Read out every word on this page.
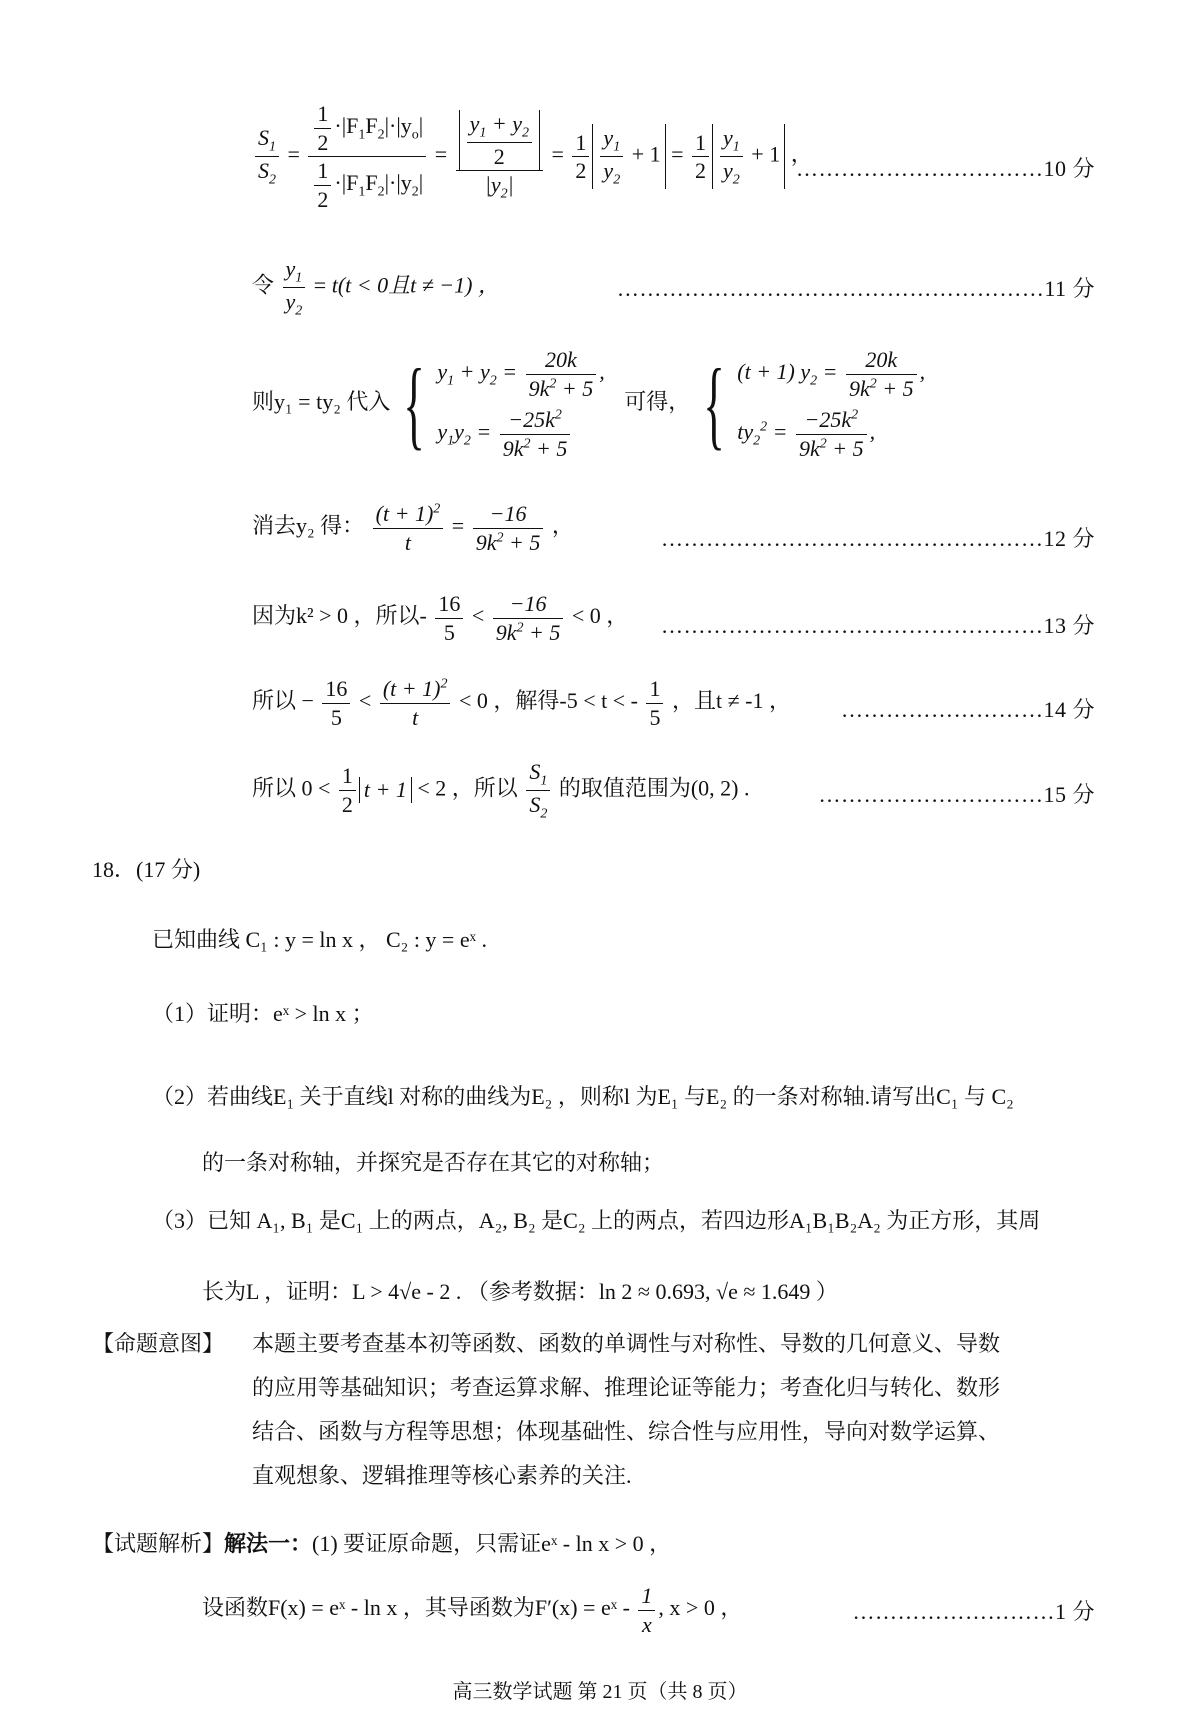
$\frac{S_1}{S_2} = \frac{\frac{1}{2} \cdot|F_1F_2|\cdot|y_o|}{\frac{1}{2} \cdot|F_1F_2|\cdot|y_2|} = \frac{\frac{y_1 + y_2}{2}}{|y_2|} = \frac{1}{2} \frac{y_1}{y_2} + 1 = \frac{1}{2} \frac{y_1}{y_2} + 1$ ，
……………………………10 分
令 $\frac{y_1}{y_2} = t(t < 0$且t ≠ −1) ，	…………………………………………………11 分
则y₁ = ty₂ 代入 { $y_1 + y_2 = \frac{20k}{9k^2 + 5}$ ,
$y_1y_2 = \frac{-25k^2}{9k^2 + 5}$
可得， { (t + 1) $y_2 = \frac{20k}{9k^2 + 5}$ ,
$ty_2^2 = \frac{-25k^2}{9k^2 + 5}$ ,
消去y₂ 得： $\frac{(t + 1)^2}{t} = \frac{-16}{9k^2 + 5}$ ，
……………………………………………12 分
因为k² > 0 ，所以- $\frac{16}{5} < \frac{-16}{9k^2 + 5} < 0$ ， ……………………………………………13 分
所以 − $\frac{16}{5} < \frac{(t + 1)^2}{t} < 0$ ，解得-5 < t < - $\frac{1}{5}$ ，且t ≠ -1 ， ………………………14 分
所以 $0 < \frac{1}{2}$ t + 1 < 2 ，所以 $\frac{S_1}{S_2}$ 的取值范围为(0, 2) .	…………………………15 分
18．(17 分)
已知曲线 C₁ : y = ln x ， C₂ : y = eˣ .
（1）证明：eˣ > ln x ；
（2）若曲线E₁ 关于直线l 对称的曲线为E₂ ，则称l 为E₁ 与E₂ 的一条对称轴.请写出C₁ 与 C₂
的一条对称轴，并探究是否存在其它的对称轴；
（3）已知 A₁, B₁ 是C₁ 上的两点，A₂, B₂ 是C₂ 上的两点，若四边形A₁B₁B₂A₂ 为正方形，其周
长为L ，证明：L > 4√e - 2 . （参考数据：ln 2 ≈ 0.693, √e ≈ 1.649 ）
【命题意图】 本题主要考查基本初等函数、函数的单调性与对称性、导数的几何意义、导数
的应用等基础知识；考查运算求解、推理论证等能力；考查化归与转化、数形
结合、函数与方程等思想；体现基础性、综合性与应用性，导向对数学运算、
直观想象、逻辑推理等核心素养的关注.
【试题解析】解法一：(1) 要证原命题，只需证eˣ - ln x > 0 ，
设函数F(x) = eˣ - ln x ，其导函数为F′(x) = eˣ - $\frac{1}{x}$ , x > 0 ，	………………………1 分
高三数学试题 第 21 页（共 8 页）
